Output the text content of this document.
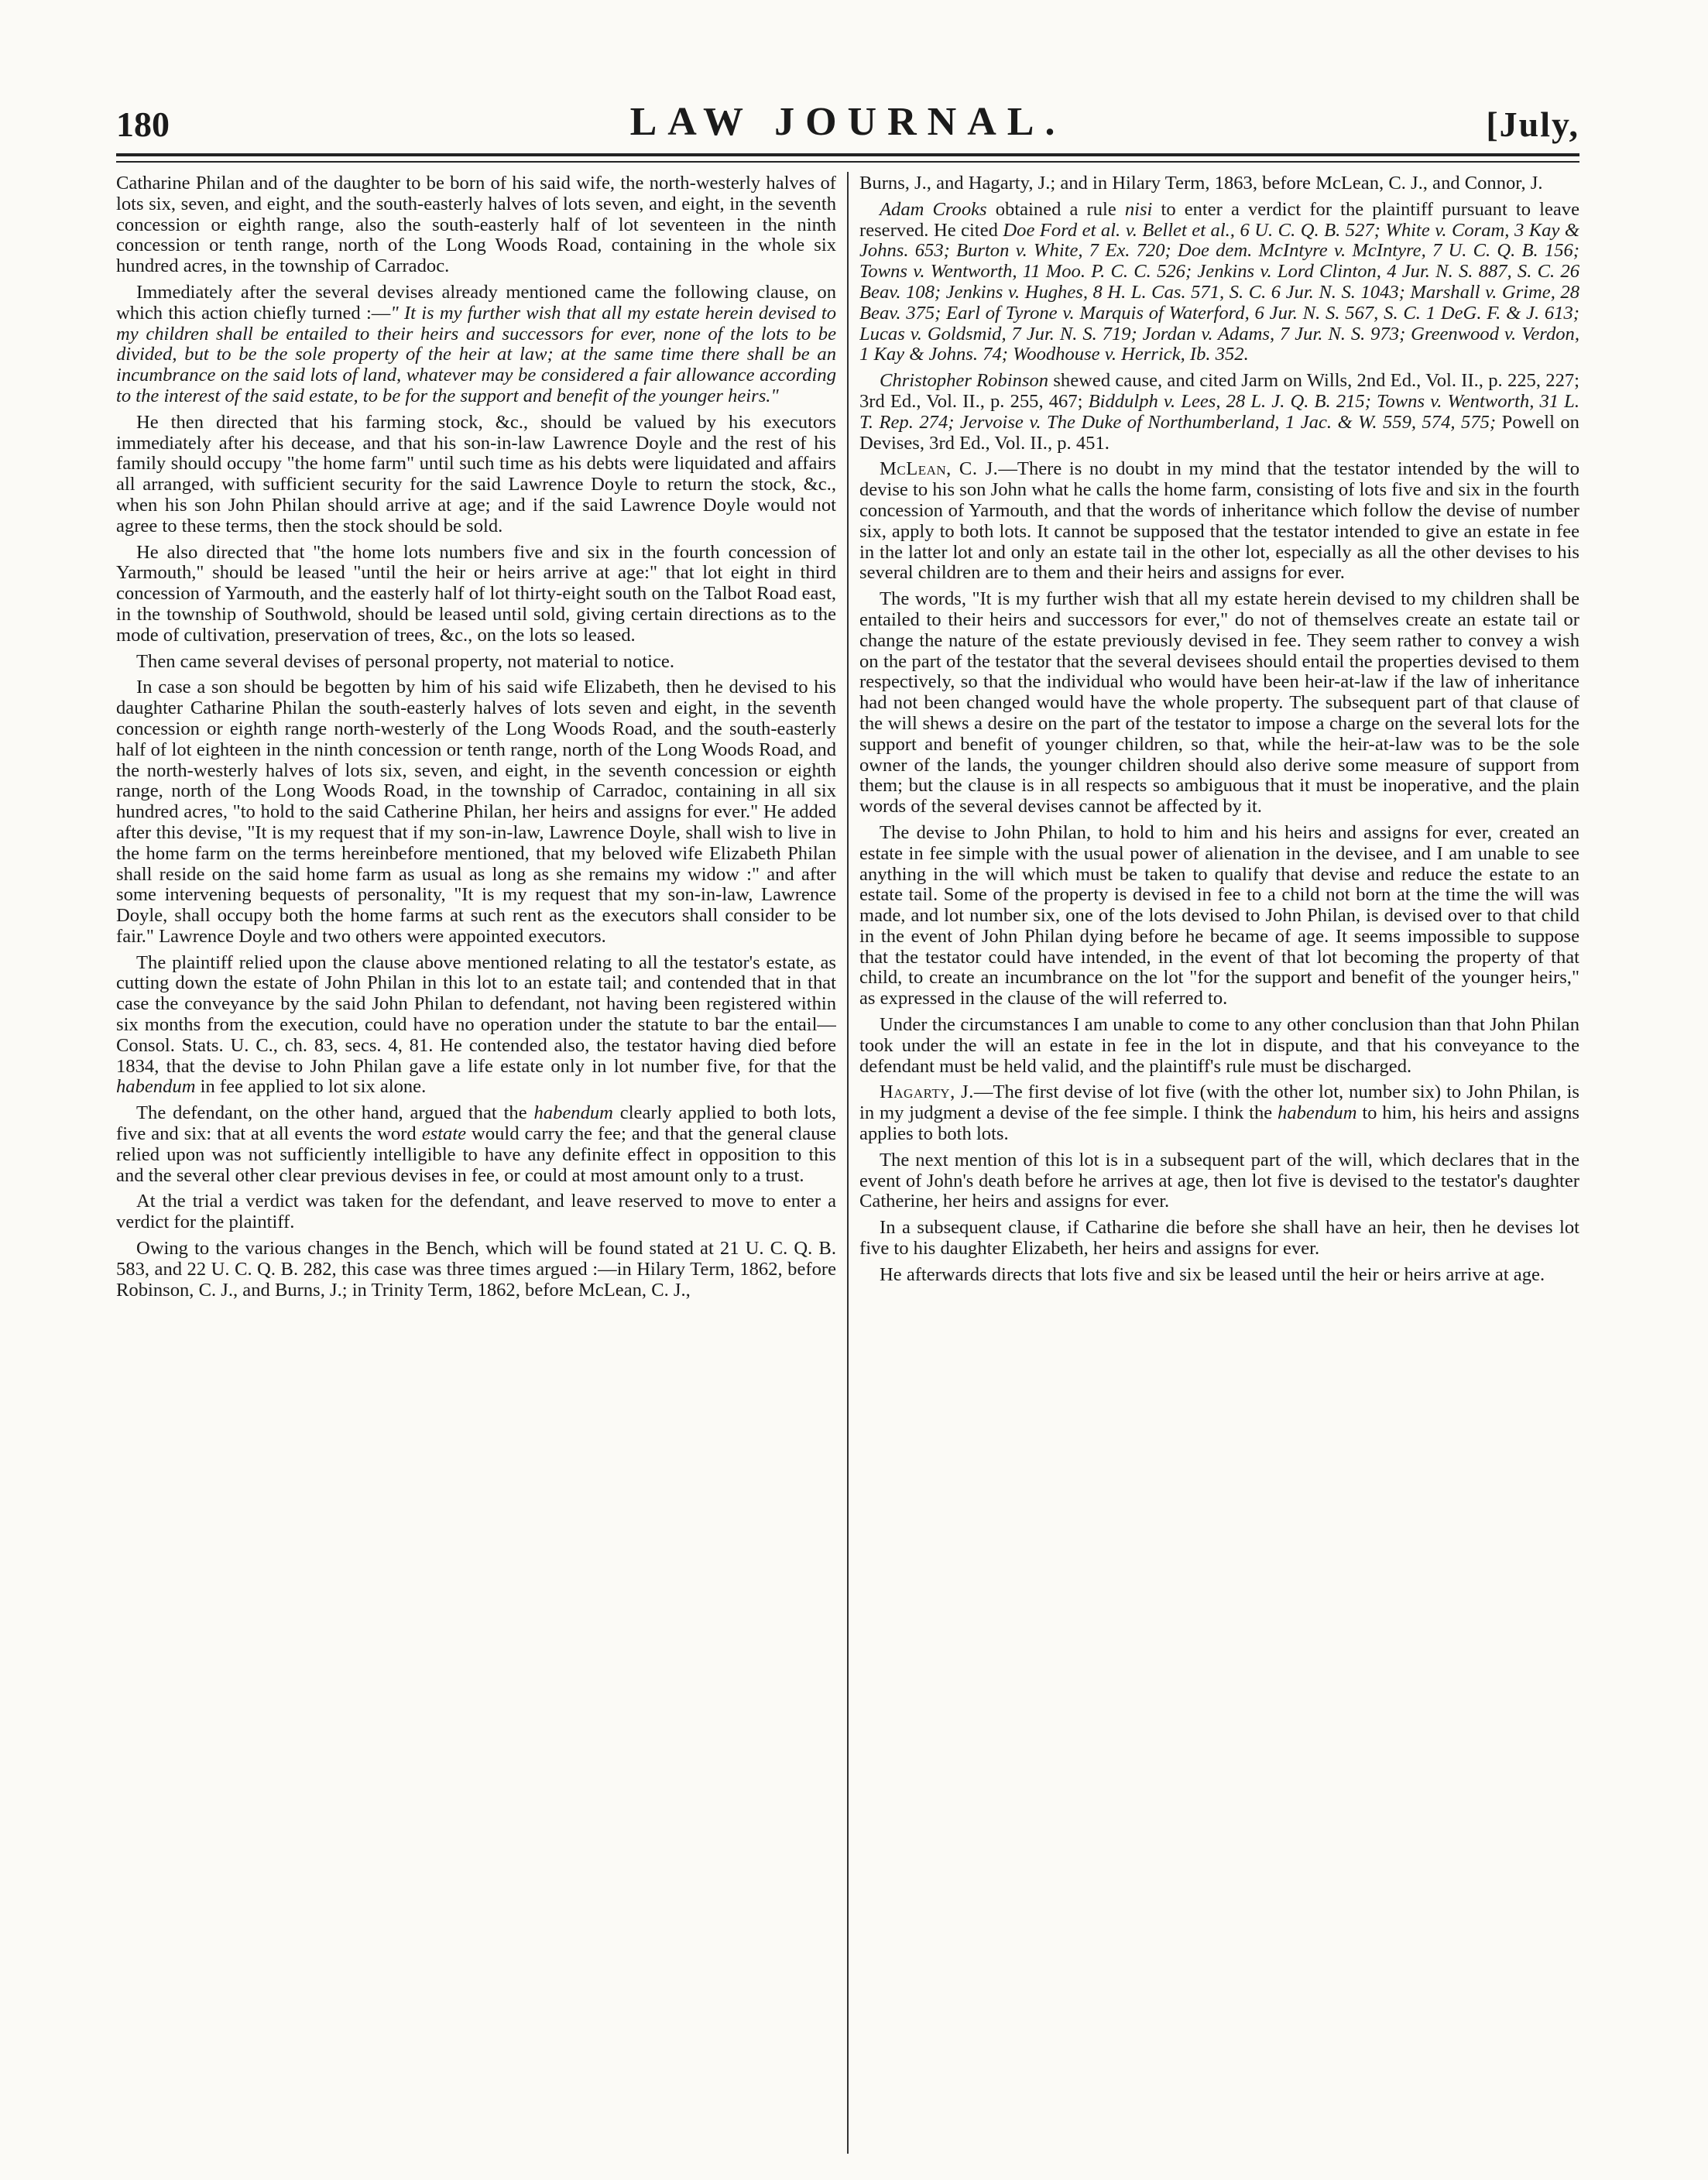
180	LAW JOURNAL.	[July,

Catharine Philan and of the daughter to be born of his said wife, the north-westerly halves of lots six, seven, and eight, and the south-easterly halves of lots seven, and eight, in the seventh concession or eighth range, also the south-easterly half of lot seventeen in the ninth concession or tenth range, north of the Long Woods Road, containing in the whole six hundred acres, in the township of Carradoc.

Immediately after the several devises already mentioned came the following clause, on which this action chiefly turned :—" It is my further wish that all my estate herein devised to my children shall be entailed to their heirs and successors for ever, none of the lots to be divided, but to be the sole property of the heir at law; at the same time there shall be an incumbrance on the said lots of land, whatever may be considered a fair allowance according to the interest of the said estate, to be for the support and benefit of the younger heirs."

He then directed that his farming stock, &c., should be valued by his executors immediately after his decease, and that his son-in-law Lawrence Doyle and the rest of his family should occupy "the home farm" until such time as his debts were liquidated and affairs all arranged, with sufficient security for the said Lawrence Doyle to return the stock, &c., when his son John Philan should arrive at age; and if the said Lawrence Doyle would not agree to these terms, then the stock should be sold.

He also directed that "the home lots numbers five and six in the fourth concession of Yarmouth," should be leased "until the heir or heirs arrive at age:" that lot eight in third concession of Yarmouth, and the easterly half of lot thirty-eight south on the Talbot Road east, in the township of Southwold, should be leased until sold, giving certain directions as to the mode of cultivation, preservation of trees, &c., on the lots so leased.

Then came several devises of personal property, not material to notice.

In case a son should be begotten by him of his said wife Elizabeth, then he devised to his daughter Catharine Philan the south-easterly halves of lots seven and eight, in the seventh concession or eighth range north-westerly of the Long Woods Road, and the south-easterly half of lot eighteen in the ninth concession or tenth range, north of the Long Woods Road, and the north-westerly halves of lots six, seven, and eight, in the seventh concession or eighth range, north of the Long Woods Road, in the township of Carradoc, containing in all six hundred acres, "to hold to the said Catherine Philan, her heirs and assigns for ever." He added after this devise, "It is my request that if my son-in-law, Lawrence Doyle, shall wish to live in the home farm on the terms hereinbefore mentioned, that my beloved wife Elizabeth Philan shall reside on the said home farm as usual as long as she remains my widow :" and after some intervening bequests of personality, "It is my request that my son-in-law, Lawrence Doyle, shall occupy both the home farms at such rent as the executors shall consider to be fair." Lawrence Doyle and two others were appointed executors.

The plaintiff relied upon the clause above mentioned relating to all the testator's estate, as cutting down the estate of John Philan in this lot to an estate tail; and contended that in that case the conveyance by the said John Philan to defendant, not having been registered within six months from the execution, could have no operation under the statute to bar the entail—Consol. Stats. U. C., ch. 83, secs. 4, 81. He contended also, the testator having died before 1834, that the devise to John Philan gave a life estate only in lot number five, for that the habendum in fee applied to lot six alone.

The defendant, on the other hand, argued that the habendum clearly applied to both lots, five and six: that at all events the word estate would carry the fee; and that the general clause relied upon was not sufficiently intelligible to have any definite effect in opposition to this and the several other clear previous devises in fee, or could at most amount only to a trust.

At the trial a verdict was taken for the defendant, and leave reserved to move to enter a verdict for the plaintiff.

Owing to the various changes in the Bench, which will be found stated at 21 U. C. Q. B. 583, and 22 U. C. Q. B. 282, this case was three times argued :—in Hilary Term, 1862, before Robinson, C. J., and Burns, J.; in Trinity Term, 1862, before McLean, C. J.,

Burns, J., and Hagarty, J.; and in Hilary Term, 1863, before McLean, C. J., and Connor, J.

Adam Crooks obtained a rule nisi to enter a verdict for the plaintiff pursuant to leave reserved. He cited Doe Ford et al. v. Bellet et al., 6 U. C. Q. B. 527; White v. Coram, 3 Kay & Johns. 653; Burton v. White, 7 Ex. 720; Doe dem. McIntyre v. McIntyre, 7 U. C. Q. B. 156; Towns v. Wentworth, 11 Moo. P. C. C. 526; Jenkins v. Lord Clinton, 4 Jur. N. S. 887, S. C. 26 Beav. 108; Jenkins v. Hughes, 8 H. L. Cas. 571, S. C. 6 Jur. N. S. 1043; Marshall v. Grime, 28 Beav. 375; Earl of Tyrone v. Marquis of Waterford, 6 Jur. N. S. 567, S. C. 1 DeG. F. & J. 613; Lucas v. Goldsmid, 7 Jur. N. S. 719; Jordan v. Adams, 7 Jur. N. S. 973; Greenwood v. Verdon, 1 Kay & Johns. 74; Woodhouse v. Herrick, Ib. 352.

Christopher Robinson shewed cause, and cited Jarm on Wills, 2nd Ed., Vol. II., p. 225, 227; 3rd Ed., Vol. II., p. 255, 467; Biddulph v. Lees, 28 L. J. Q. B. 215; Towns v. Wentworth, 31 L. T. Rep. 274; Jervoise v. The Duke of Northumberland, 1 Jac. & W. 559, 574, 575; Powell on Devises, 3rd Ed., Vol. II., p. 451.

McLean, C. J.—There is no doubt in my mind that the testator intended by the will to devise to his son John what he calls the home farm, consisting of lots five and six in the fourth concession of Yarmouth, and that the words of inheritance which follow the devise of number six, apply to both lots. It cannot be supposed that the testator intended to give an estate in fee in the latter lot and only an estate tail in the other lot, especially as all the other devises to his several children are to them and their heirs and assigns for ever.

The words, "It is my further wish that all my estate herein devised to my children shall be entailed to their heirs and successors for ever," do not of themselves create an estate tail or change the nature of the estate previously devised in fee. They seem rather to convey a wish on the part of the testator that the several devisees should entail the properties devised to them respectively, so that the individual who would have been heir-at-law if the law of inheritance had not been changed would have the whole property. The subsequent part of that clause of the will shews a desire on the part of the testator to impose a charge on the several lots for the support and benefit of younger children, so that, while the heir-at-law was to be the sole owner of the lands, the younger children should also derive some measure of support from them; but the clause is in all respects so ambiguous that it must be inoperative, and the plain words of the several devises cannot be affected by it.

The devise to John Philan, to hold to him and his heirs and assigns for ever, created an estate in fee simple with the usual power of alienation in the devisee, and I am unable to see anything in the will which must be taken to qualify that devise and reduce the estate to an estate tail. Some of the property is devised in fee to a child not born at the time the will was made, and lot number six, one of the lots devised to John Philan, is devised over to that child in the event of John Philan dying before he became of age. It seems impossible to suppose that the testator could have intended, in the event of that lot becoming the property of that child, to create an incumbrance on the lot "for the support and benefit of the younger heirs," as expressed in the clause of the will referred to.

Under the circumstances I am unable to come to any other conclusion than that John Philan took under the will an estate in fee in the lot in dispute, and that his conveyance to the defendant must be held valid, and the plaintiff's rule must be discharged.

Hagarty, J.—The first devise of lot five (with the other lot, number six) to John Philan, is in my judgment a devise of the fee simple. I think the habendum to him, his heirs and assigns applies to both lots.

The next mention of this lot is in a subsequent part of the will, which declares that in the event of John's death before he arrives at age, then lot five is devised to the testator's daughter Catherine, her heirs and assigns for ever.

In a subsequent clause, if Catharine die before she shall have an heir, then he devises lot five to his daughter Elizabeth, her heirs and assigns for ever.

He afterwards directs that lots five and six be leased until the heir or heirs arrive at age.
